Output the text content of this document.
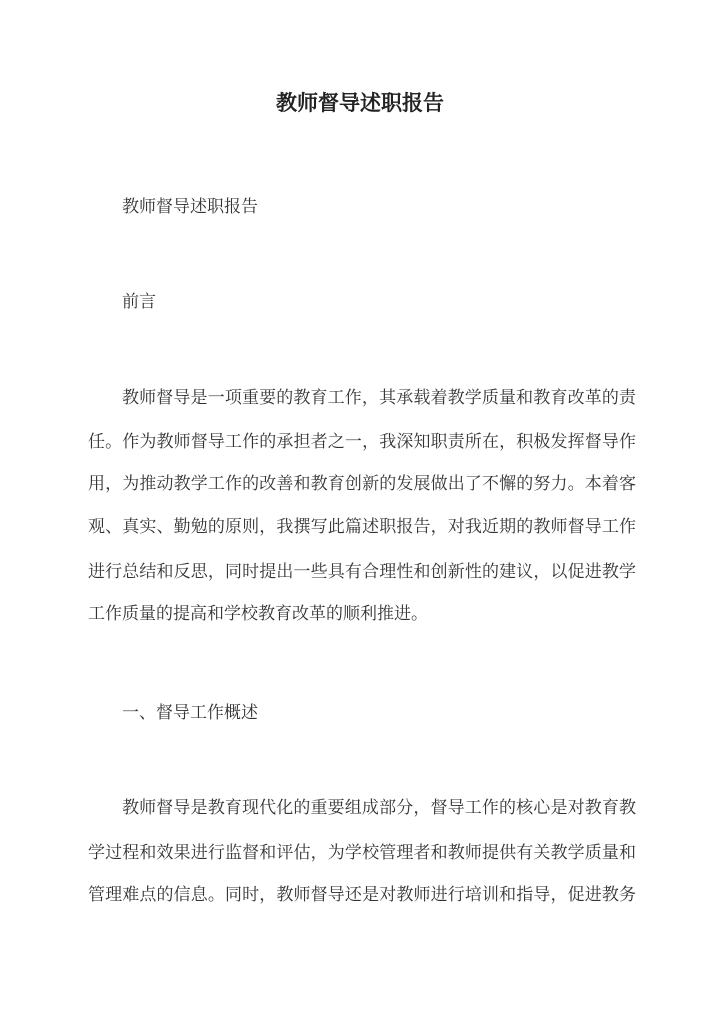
教师督导述职报告

教师督导述职报告

前言

教师督导是一项重要的教育工作，其承载着教学质量和教育改革的责

任。作为教师督导工作的承担者之一，我深知职责所在，积极发挥督导作

用，为推动教学工作的改善和教育创新的发展做出了不懈的努力。本着客

观、真实、勤勉的原则，我撰写此篇述职报告，对我近期的教师督导工作

进行总结和反思，同时提出一些具有合理性和创新性的建议，以促进教学

工作质量的提高和学校教育改革的顺利推进。

一、督导工作概述

教师督导是教育现代化的重要组成部分，督导工作的核心是对教育教

学过程和效果进行监督和评估，为学校管理者和教师提供有关教学质量和

管理难点的信息。同时，教师督导还是对教师进行培训和指导，促进教务
